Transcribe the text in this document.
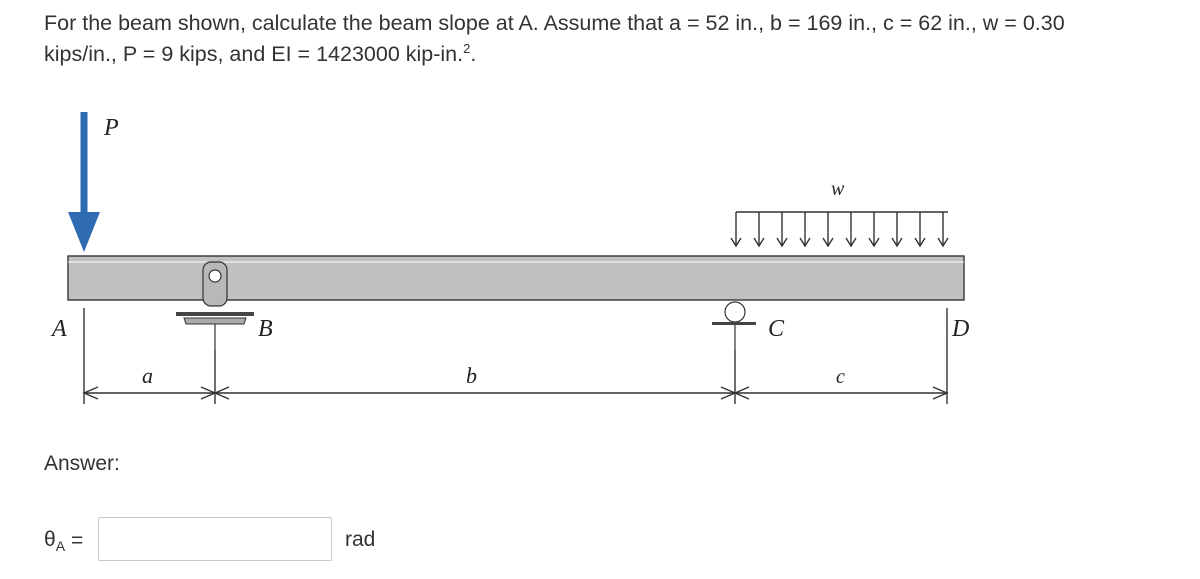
For the beam shown, calculate the beam slope at A. Assume that a = 52 in., b = 169 in., c = 62 in., w = 0.30
kips/in., P = 9 kips, and EI = 1423000 kip-in.$^2$.
P
w
A	B	C	D
a	b	c
Answer:
$\theta_A$ =	rad
